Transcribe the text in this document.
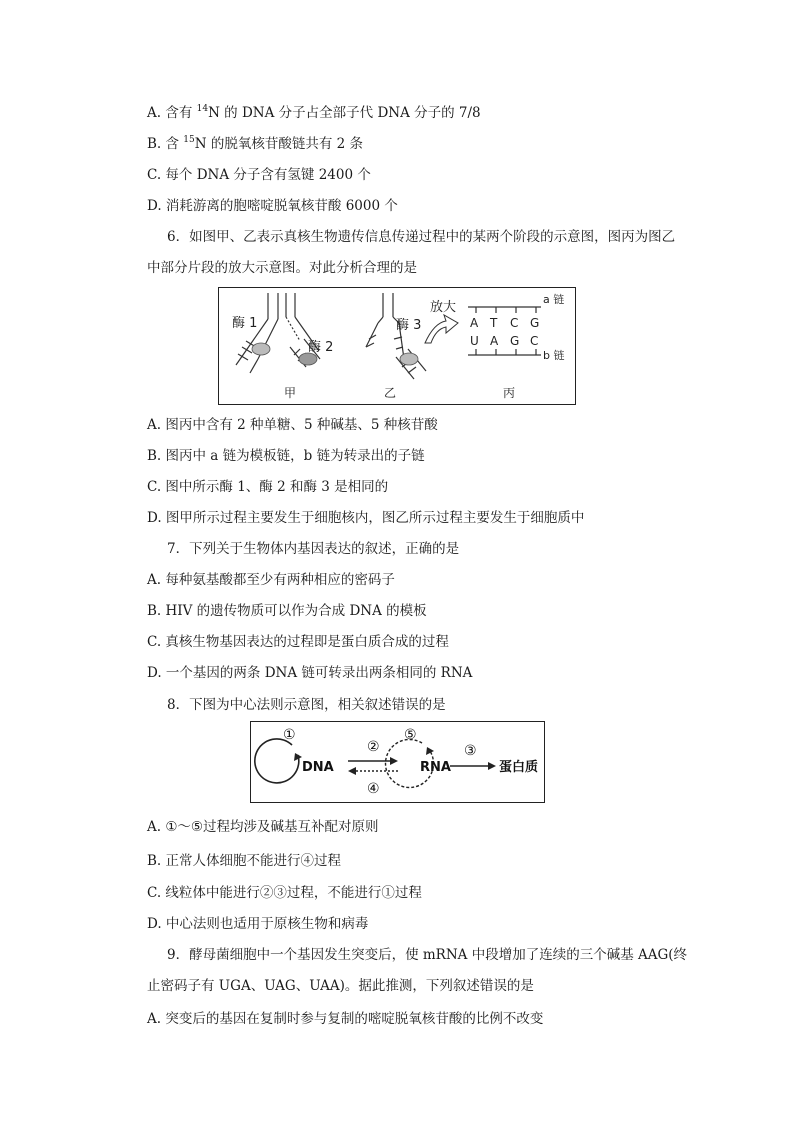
A. 含有 $^{14}$N 的 DNA 分子占全部子代 DNA 分子的 7/8
B. 含 $^{15}$N 的脱氧核苷酸链共有 2 条
C. 每个 DNA 分子含有氢键 2400 个
D. 消耗游离的胞嘧啶脱氧核苷酸 6000 个
6．如图甲、乙表示真核生物遗传信息传递过程中的某两个阶段的示意图，图丙为图乙
中部分片段的放大示意图。对此分析合理的是
酶 1
酶 2
酶 3
放大
a 链
b 链
A T C G
U A G C
甲	乙	丙
A. 图丙中含有 2 种单糖、5 种碱基、5 种核苷酸
B. 图丙中 a 链为模板链，b 链为转录出的子链
C. 图中所示酶 1、酶 2 和酶 3 是相同的
D. 图甲所示过程主要发生于细胞核内，图乙所示过程主要发生于细胞质中
7．下列关于生物体内基因表达的叙述，正确的是
A. 每种氨基酸都至少有两种相应的密码子
B. HIV 的遗传物质可以作为合成 DNA 的模板
C. 真核生物基因表达的过程即是蛋白质合成的过程
D. 一个基因的两条 DNA 链可转录出两条相同的 RNA
8．下图为中心法则示意图，相关叙述错误的是
①
DNA
②
④
⑤
RNA
③
蛋白质
A. ①～⑤过程均涉及碱基互补配对原则
B. 正常人体细胞不能进行④过程
C. 线粒体中能进行②③过程，不能进行①过程
D. 中心法则也适用于原核生物和病毒
9．酵母菌细胞中一个基因发生突变后，使 mRNA 中段增加了连续的三个碱基 AAG(终
止密码子有 UGA、UAG、UAA)。据此推测，下列叙述错误的是
A. 突变后的基因在复制时参与复制的嘧啶脱氧核苷酸的比例不改变
